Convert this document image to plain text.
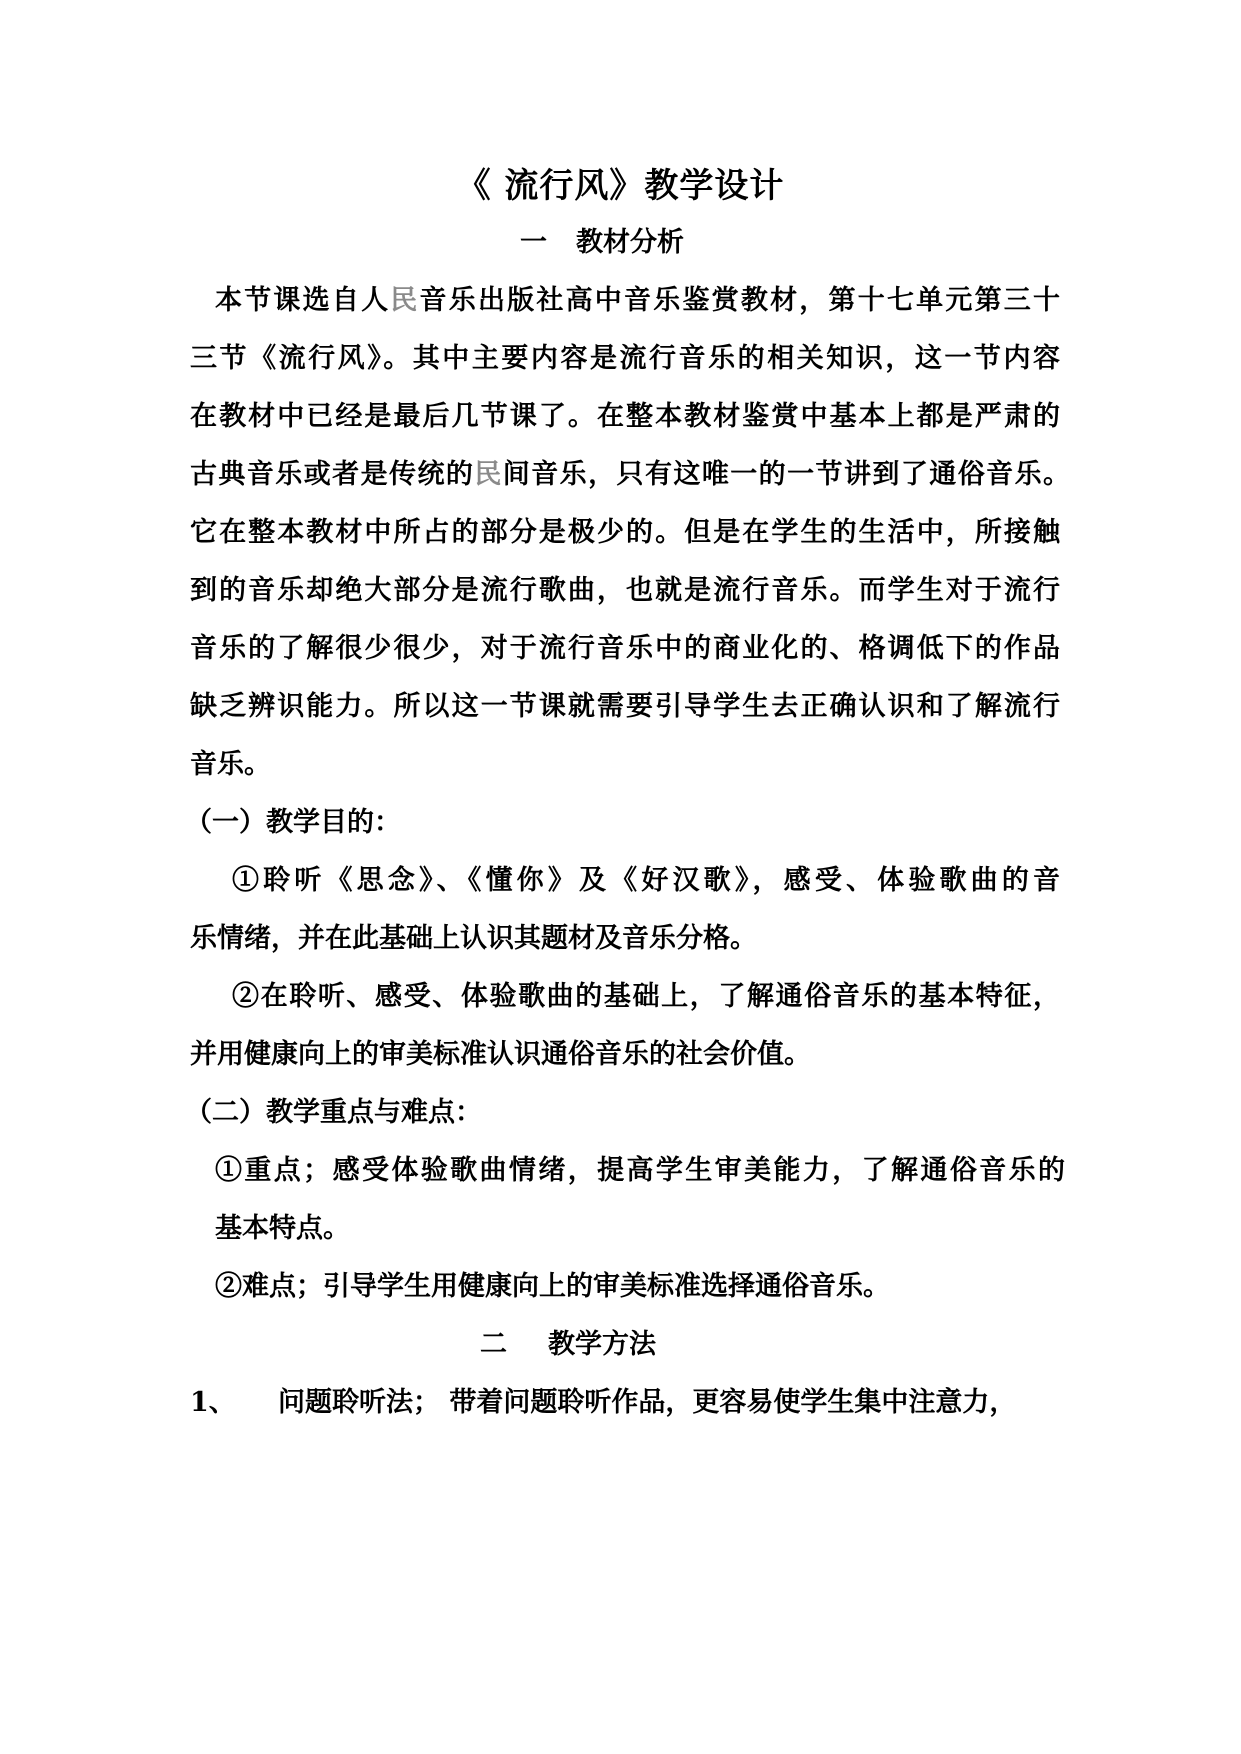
《 流行风》教学设计
一 教材分析
本节课选自人民音乐出版社高中音乐鉴赏教材，第十七单元第三十
三节《流行风》。其中主要内容是流行音乐的相关知识，这一节内容
在教材中已经是最后几节课了。在整本教材鉴赏中基本上都是严肃的
古典音乐或者是传统的民间音乐，只有这唯一的一节讲到了通俗音乐。
它在整本教材中所占的部分是极少的。但是在学生的生活中，所接触
到的音乐却绝大部分是流行歌曲，也就是流行音乐。而学生对于流行
音乐的了解很少很少，对于流行音乐中的商业化的、格调低下的作品
缺乏辨识能力。所以这一节课就需要引导学生去正确认识和了解流行
音乐。
（一）教学目的：
①聆听《思念》、《懂你》及《好汉歌》，感受、体验歌曲的音
乐情绪，并在此基础上认识其题材及音乐分格。
②在聆听、感受、体验歌曲的基础上，了解通俗音乐的基本特征，
并用健康向上的审美标准认识通俗音乐的社会价值。
（二）教学重点与难点：
①重点；感受体验歌曲情绪，提高学生审美能力，了解通俗音乐的
基本特点。
②难点；引导学生用健康向上的审美标准选择通俗音乐。
二 教学方法
1、 问题聆听法； 带着问题聆听作品，更容易使学生集中注意力，
